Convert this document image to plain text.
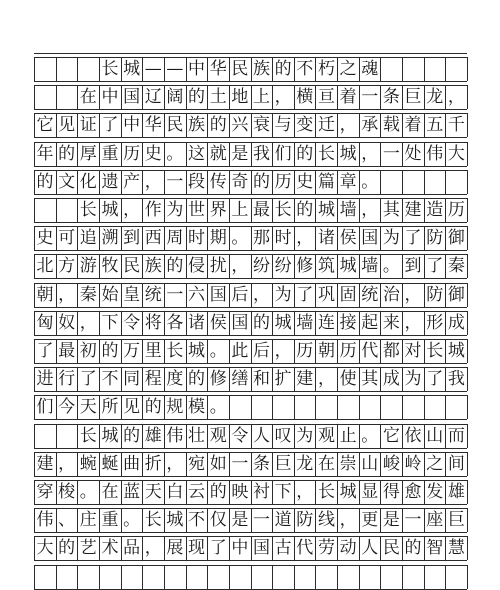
长 城 — — 中 华 民 族 的 不 朽 之 魂
在 中 国 辽 阔 的 土 地 上 ， 横 亘 着 一 条 巨 龙 ，
它 见 证 了 中 华 民 族 的 兴 衰 与 变 迁 ， 承 载 着 五 千
年 的 厚 重 历 史 。 这 就 是 我 们 的 长 城 ， 一 处 伟 大
的 文 化 遗 产 ， 一 段 传 奇 的 历 史 篇 章 。
长 城 ， 作 为 世 界 上 最 长 的 城 墙 ， 其 建 造 历
史 可 追 溯 到 西 周 时 期 。 那 时 ， 诸 侯 国 为 了 防 御
北 方 游 牧 民 族 的 侵 扰 ， 纷 纷 修 筑 城 墙 。 到 了 秦
朝 ， 秦 始 皇 统 一 六 国 后 ， 为 了 巩 固 统 治 ， 防 御
匈 奴 ， 下 令 将 各 诸 侯 国 的 城 墙 连 接 起 来 ， 形 成
了 最 初 的 万 里 长 城 。 此 后 ， 历 朝 历 代 都 对 长 城
进 行 了 不 同 程 度 的 修 缮 和 扩 建 ， 使 其 成 为 了 我
们 今 天 所 见 的 规 模 。
长 城 的 雄 伟 壮 观 令 人 叹 为 观 止 。 它 依 山 而
建 ， 蜿 蜒 曲 折 ， 宛 如 一 条 巨 龙 在 崇 山 峻 岭 之 间
穿 梭 。 在 蓝 天 白 云 的 映 衬 下 ， 长 城 显 得 愈 发 雄
伟 、 庄 重 。 长 城 不 仅 是 一 道 防 线 ， 更 是 一 座 巨
大 的 艺 术 品 ， 展 现 了 中 国 古 代 劳 动 人 民 的 智 慧
